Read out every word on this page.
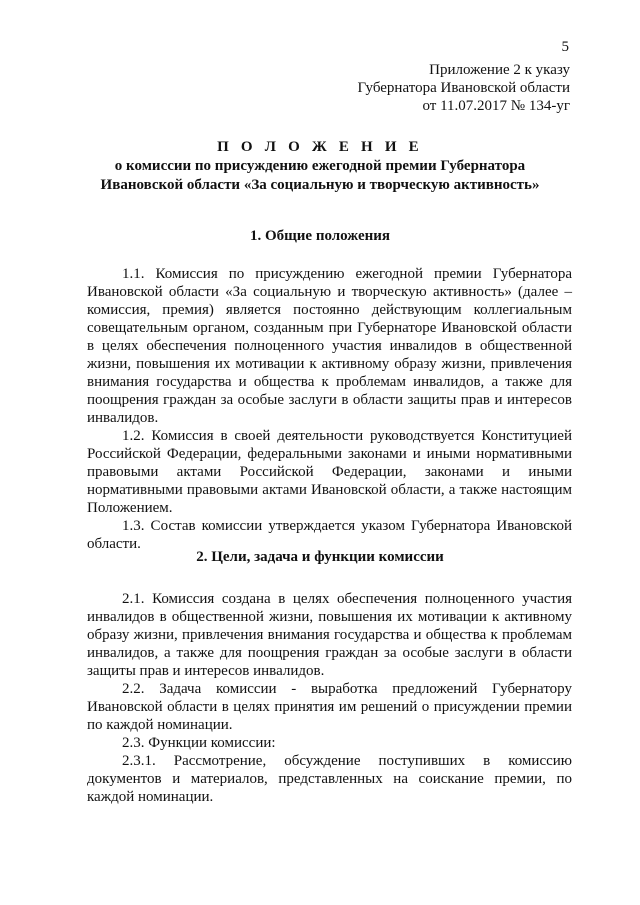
5
Приложение 2 к указу
Губернатора Ивановской области
от 11.07.2017 № 134-уг
П О Л О Ж Е Н И Е
о комиссии по присуждению ежегодной премии Губернатора
Ивановской области «За социальную и творческую активность»
1. Общие положения

1.1. Комиссия по присуждению ежегодной премии Губернатора Ивановской области «За социальную и творческую активность» (далее – комиссия, премия) является постоянно действующим коллегиальным совещательным органом, созданным при Губернаторе Ивановской области в целях обеспечения полноценного участия инвалидов в общественной жизни, повышения их мотивации к активному образу жизни, привлечения внимания государства и общества к проблемам инвалидов, а также для поощрения граждан за особые заслуги в области защиты прав и интересов инвалидов.

1.2. Комиссия в своей деятельности руководствуется Конституцией Российской Федерации, федеральными законами и иными нормативными правовыми актами Российской Федерации, законами и иными нормативными правовыми актами Ивановской области, а также настоящим Положением.

1.3. Состав комиссии утверждается указом Губернатора Ивановской области.

2. Цели, задача и функции комиссии

2.1. Комиссия создана в целях обеспечения полноценного участия инвалидов в общественной жизни, повышения их мотивации к активному образу жизни, привлечения внимания государства и общества к проблемам инвалидов, а также для поощрения граждан за особые заслуги в области защиты прав и интересов инвалидов.

2.2. Задача комиссии - выработка предложений Губернатору Ивановской области в целях принятия им решений о присуждении премии по каждой номинации.

2.3. Функции комиссии:

2.3.1. Рассмотрение, обсуждение поступивших в комиссию документов и материалов, представленных на соискание премии, по каждой номинации.
